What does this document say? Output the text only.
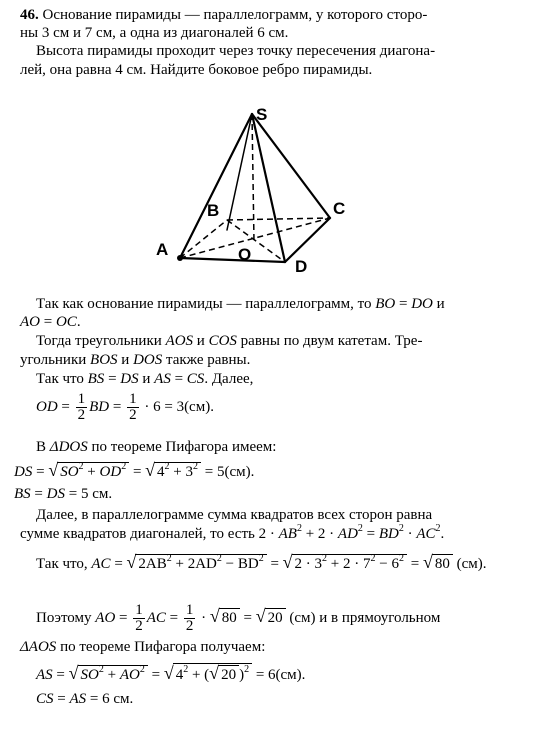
46. Основание пирамиды — параллелограмм, у которого сторо-
ны 3 см и 7 см, а одна из диагоналей 6 см.
Высота пирамиды проходит через точку пересечения диагона-
лей, она равна 4 см. Найдите боковое ребро пирамиды.
S
B	C
A	O
D
Так как основание пирамиды — параллелограмм, то BO = DO и
AO = OC.
Тогда треугольники AOS и COS равны по двум катетам. Тре-
угольники BOS и DOS также равны.
Так что BS = DS и AS = CS. Далее,
OD = $\frac{1}{2}$ BD = $\frac{1}{2} \cdot 6 = 3(см)$.
В ΔDOS по теореме Пифагора имеем:
DS = √ $SO^2 + OD^2$ = √ $4^2 + 3^2 = 5(см)$.
BS = DS = 5 см.
Далее, в параллелограмме сумма квадратов всех сторон равна
сумме квадратов диагоналей, то есть $2 \cdot AB^2 + 2 \cdot AD^2 = BD^2 \cdot AC^2$.
Так что, AC = √ $2AB^2 + 2AD^2 - BD^2$ = √ $2 \cdot 3^2 + 2 \cdot 7^2 - 6^2$ = √ 80 (см).
Поэтому AO = $\frac{1}{2}$ AC = $\frac{1}{2}$ · √ 80 = √ 20 (см) и в прямоугольном
ΔAOS по теореме Пифагора получаем:
AS = √ $SO^2 + AO^2$ = √ $4^2$ + (√ 20 )$^2$ = 6(см).
CS = AS = 6 см.
